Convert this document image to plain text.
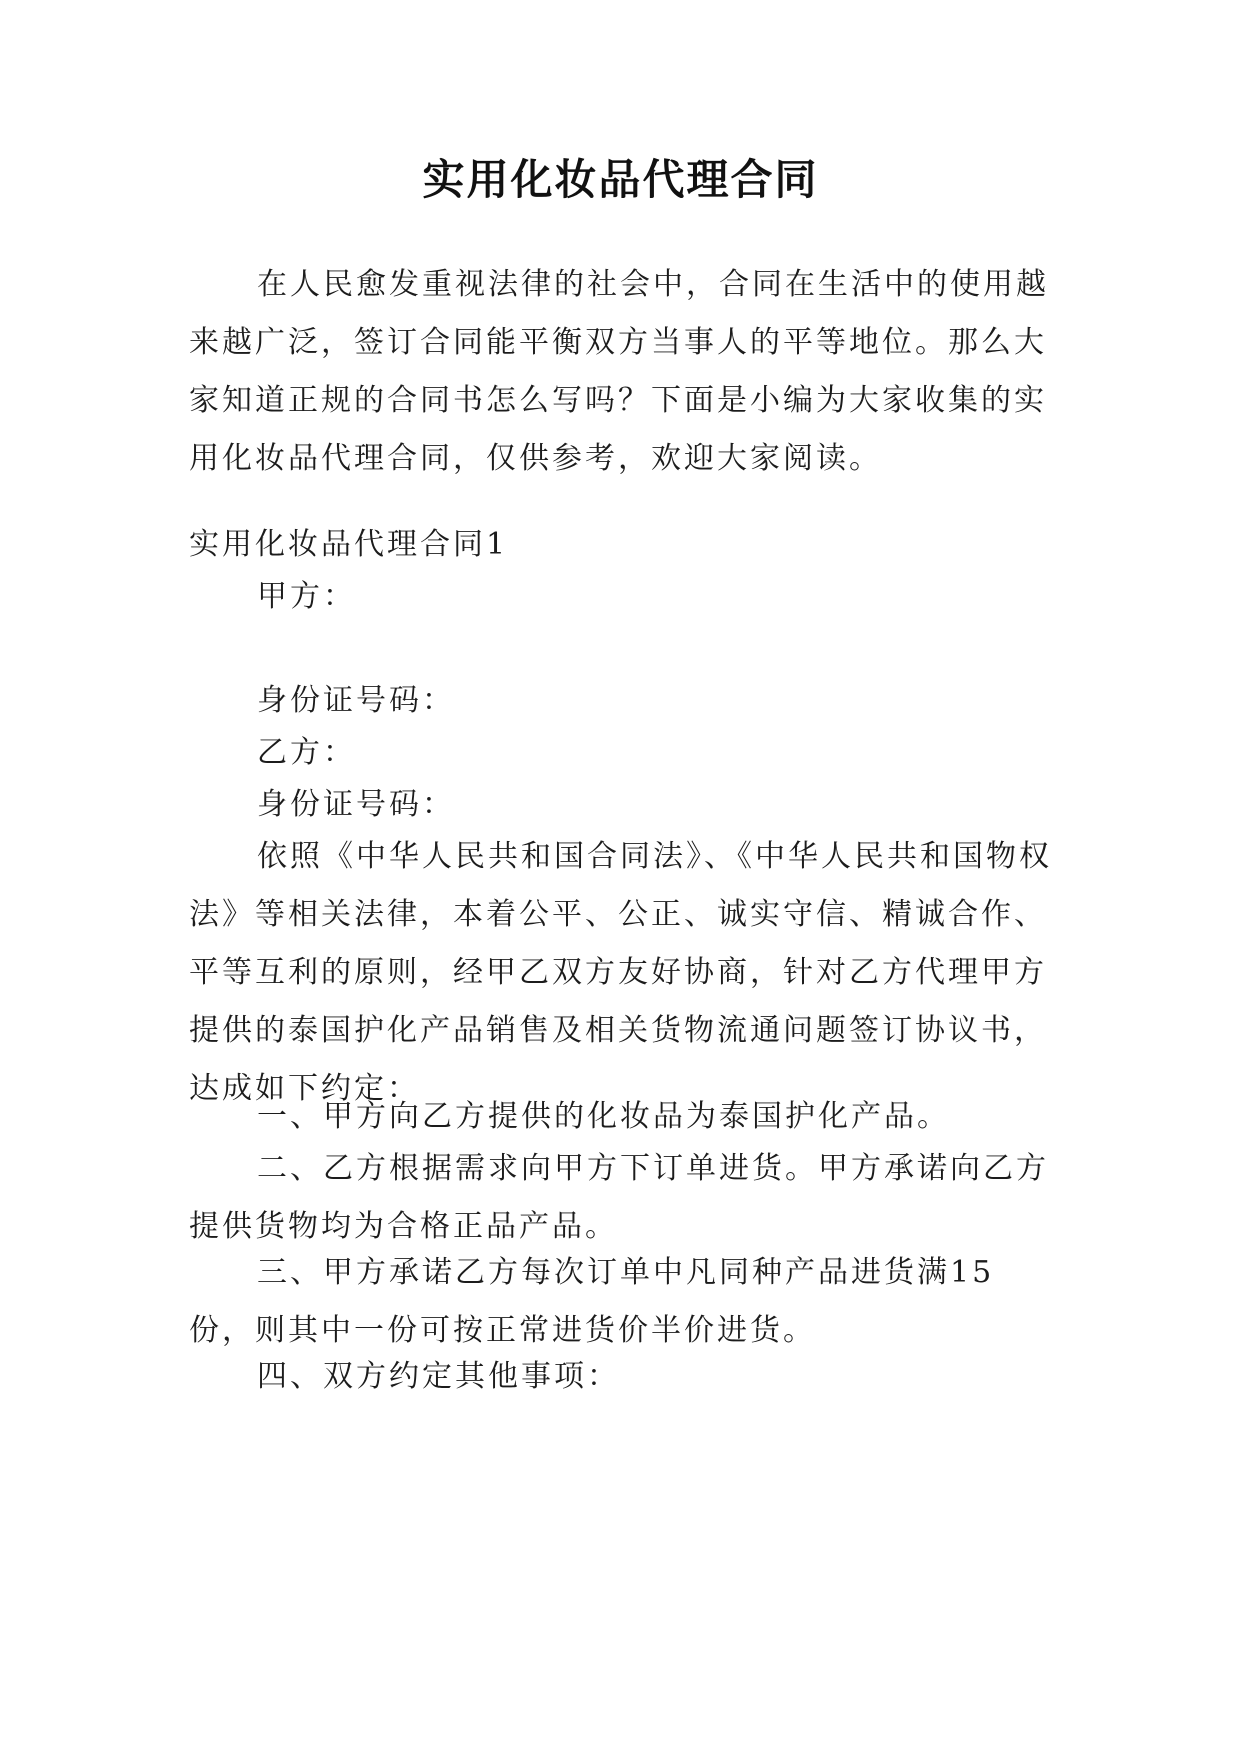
实用化妆品代理合同
在人民愈发重视法律的社会中，合同在生活中的使用越来越广泛，签订合同能平衡双方当事人的平等地位。那么大家知道正规的合同书怎么写吗？下面是小编为大家收集的实用化妆品代理合同，仅供参考，欢迎大家阅读。
实用化妆品代理合同1
甲方：
身份证号码：
乙方：
身份证号码：
依照《中华人民共和国合同法》、《中华人民共和国物权法》等相关法律，本着公平、公正、诚实守信、精诚合作、平等互利的原则，经甲乙双方友好协商，针对乙方代理甲方提供的泰国护化产品销售及相关货物流通问题签订协议书，达成如下约定：
一、甲方向乙方提供的化妆品为泰国护化产品。
二、乙方根据需求向甲方下订单进货。甲方承诺向乙方提供货物均为合格正品产品。
三、甲方承诺乙方每次订单中凡同种产品进货满15份，则其中一份可按正常进货价半价进货。
四、双方约定其他事项：
